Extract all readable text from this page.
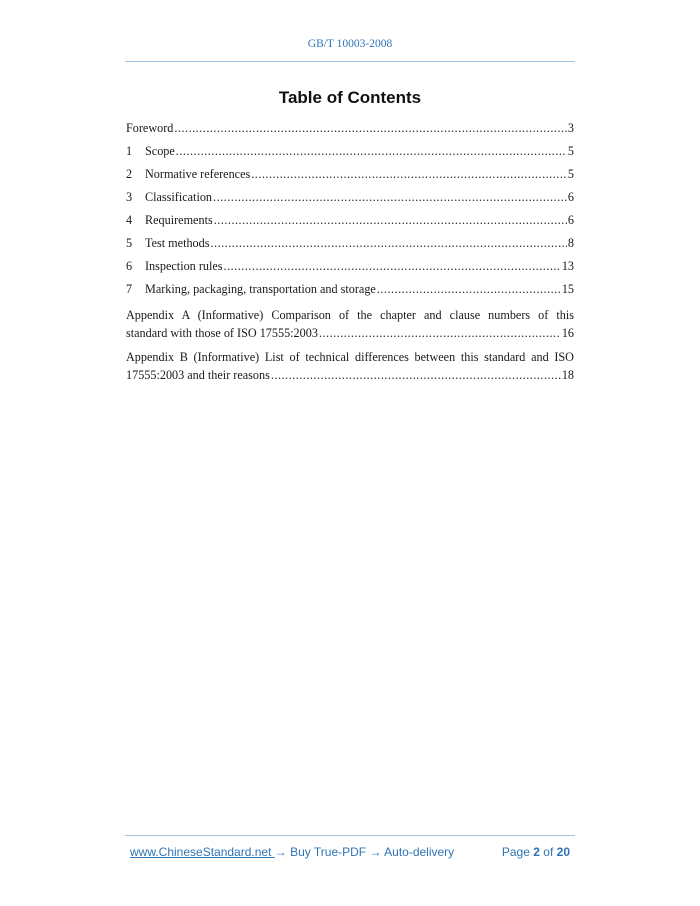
GB/T 10003-2008
Table of Contents
Foreword .....	3
1	Scope .....	5
2	Normative references .....	5
3	Classification .....	6
4	Requirements .....	6
5	Test methods .....	8
6	Inspection rules .....	13
7	Marking, packaging, transportation and storage .....	15
Appendix A (Informative) Comparison of the chapter and clause numbers of this
standard with those of ISO 17555:2003 .....	16
Appendix B (Informative) List of technical differences between this standard and ISO
17555:2003 and their reasons .....	18
www.ChineseStandard.net → Buy True-PDF → Auto-delivery	Page 2 of 20
